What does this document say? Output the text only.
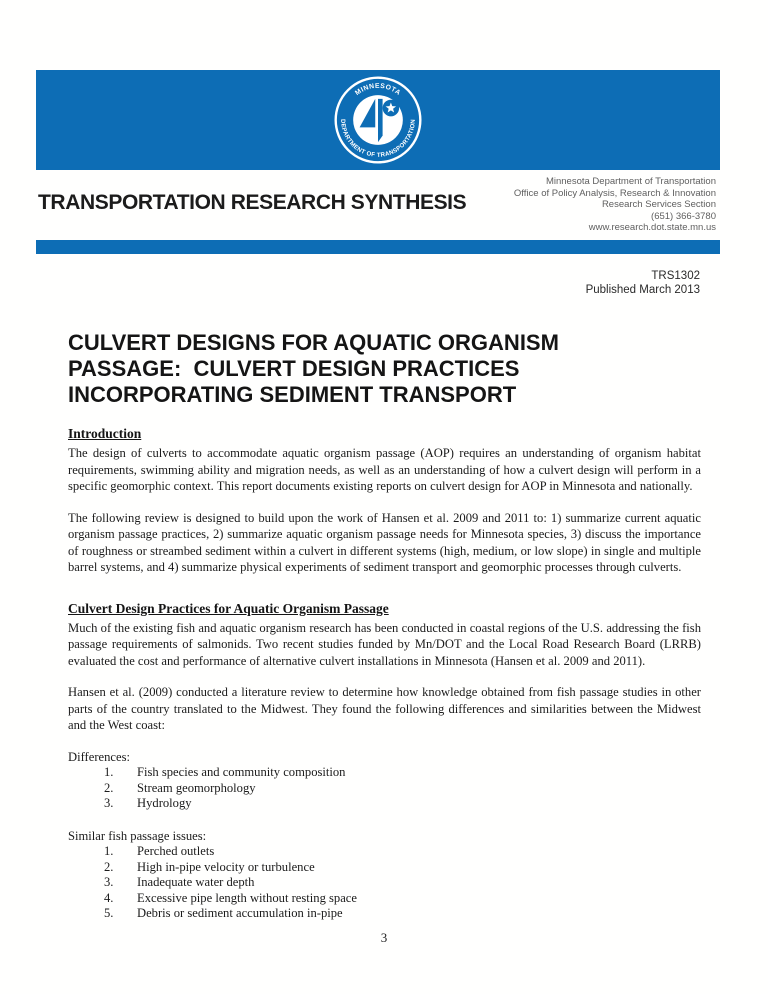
MINNESOTA
DEPARTMENT OF TRANSPORTATION
TRANSPORTATION RESEARCH SYNTHESIS
Minnesota Department of Transportation
Office of Policy Analysis, Research & Innovation
Research Services Section
(651) 366-3780
www.research.dot.state.mn.us
TRS1302
Published March 2013
CULVERT DESIGNS FOR AQUATIC ORGANISM
PASSAGE:  CULVERT DESIGN PRACTICES
INCORPORATING SEDIMENT TRANSPORT
Introduction

The design of culverts to accommodate aquatic organism passage (AOP) requires an understanding of organism habitat requirements, swimming ability and migration needs, as well as an understanding of how a culvert design will perform in a specific geomorphic context. This report documents existing reports on culvert design for AOP in Minnesota and nationally.

The following review is designed to build upon the work of Hansen et al. 2009 and 2011 to: 1) summarize current aquatic organism passage practices, 2) summarize aquatic organism passage needs for Minnesota species, 3) discuss the importance of roughness or streambed sediment within a culvert in different systems (high, medium, or low slope) in single and multiple barrel systems, and 4) summarize physical experiments of sediment transport and geomorphic processes through culverts.

Culvert Design Practices for Aquatic Organism Passage

Much of the existing fish and aquatic organism research has been conducted in coastal regions of the U.S. addressing the fish passage requirements of salmonids. Two recent studies funded by Mn/DOT and the Local Road Research Board (LRRB) evaluated the cost and performance of alternative culvert installations in Minnesota (Hansen et al. 2009 and 2011).

Hansen et al. (2009) conducted a literature review to determine how knowledge obtained from fish passage studies in other parts of the country translated to the Midwest. They found the following differences and similarities between the Midwest and the West coast:

Differences:
Fish species and community composition
Stream geomorphology
Hydrology
Similar fish passage issues:
Perched outlets
High in-pipe velocity or turbulence
Inadequate water depth
Excessive pipe length without resting space
Debris or sediment accumulation in-pipe
3
